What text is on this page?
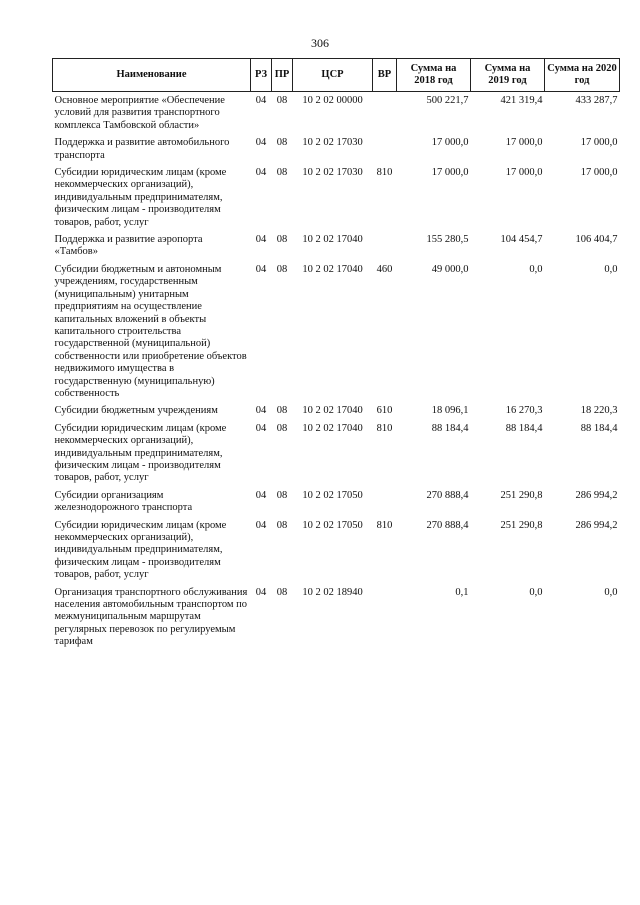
306
Наименование	РЗ	ПР	ЦСР	ВР	Сумма на 2018 год	Сумма на 2019 год	Сумма на 2020 год
Основное мероприятие «Обеспечение условий для развития транспортного комплекса Тамбовской области»	04	08	10 2 02 00000		500 221,7	421 319,4	433 287,7
Поддержка и развитие автомобильного транспорта	04	08	10 2 02 17030		17 000,0	17 000,0	17 000,0
Субсидии юридическим лицам (кроме некоммерческих организаций), индивидуальным предпринимателям, физическим лицам - производителям товаров, работ, услуг	04	08	10 2 02 17030	810	17 000,0	17 000,0	17 000,0
Поддержка и развитие аэропорта «Тамбов»	04	08	10 2 02 17040		155 280,5	104 454,7	106 404,7
Субсидии бюджетным и автономным учреждениям, государственным (муниципальным) унитарным предприятиям на осуществление капитальных вложений в объекты капитального строительства государственной (муниципальной) собственности или приобретение объектов недвижимого имущества в государственную (муниципальную) собственность	04	08	10 2 02 17040	460	49 000,0	0,0	0,0
Субсидии бюджетным учреждениям	04	08	10 2 02 17040	610	18 096,1	16 270,3	18 220,3
Субсидии юридическим лицам (кроме некоммерческих организаций), индивидуальным предпринимателям, физическим лицам - производителям товаров, работ, услуг	04	08	10 2 02 17040	810	88 184,4	88 184,4	88 184,4
Субсидии организациям железнодорожного транспорта	04	08	10 2 02 17050		270 888,4	251 290,8	286 994,2
Субсидии юридическим лицам (кроме некоммерческих организаций), индивидуальным предпринимателям, физическим лицам - производителям товаров, работ, услуг	04	08	10 2 02 17050	810	270 888,4	251 290,8	286 994,2
Организация транспортного обслуживания населения автомобильным транспортом по межмуниципальным маршрутам регулярных перевозок по регулируемым тарифам	04	08	10 2 02 18940		0,1	0,0	0,0
